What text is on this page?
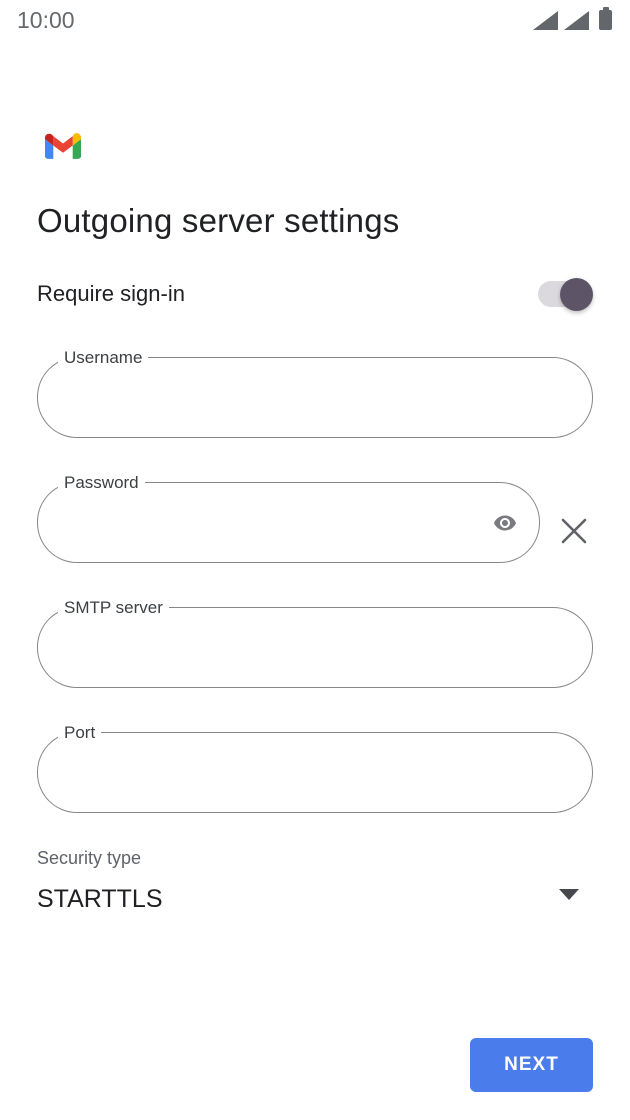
10:00
Outgoing server settings
Require sign-in
Username
Password
SMTP server
Port
Security type
STARTTLS
NEXT
